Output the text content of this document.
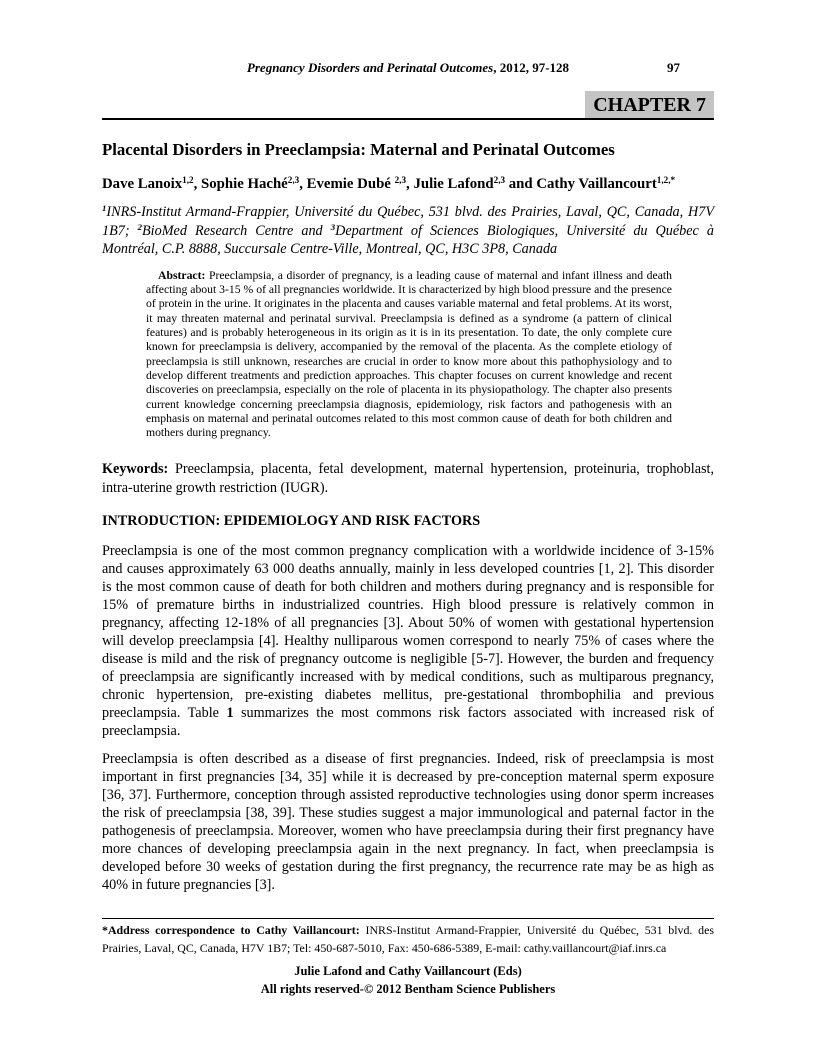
Pregnancy Disorders and Perinatal Outcomes, 2012, 97-128	97
CHAPTER 7
Placental Disorders in Preeclampsia: Maternal and Perinatal Outcomes

Dave Lanoix$^{1,2}$, Sophie Haché$^{2,3}$, Evemie Dubé $^{2,3}$, Julie Lafond$^{2,3}$ and Cathy Vaillancourt$^{1,2,*}$

$^1$INRS-Institut Armand-Frappier, Université du Québec, 531 blvd. des Prairies, Laval, QC, Canada, H7V 1B7; $^2$BioMed Research Centre and $^3$Department of Sciences Biologiques, Université du Québec à Montréal, C.P. 8888, Succursale Centre-Ville, Montreal, QC, H3C 3P8, Canada

Abstract: Preeclampsia, a disorder of pregnancy, is a leading cause of maternal and infant illness and death affecting about 3-15 % of all pregnancies worldwide. It is characterized by high blood pressure and the presence of protein in the urine. It originates in the placenta and causes variable maternal and fetal problems. At its worst, it may threaten maternal and perinatal survival. Preeclampsia is defined as a syndrome (a pattern of clinical features) and is probably heterogeneous in its origin as it is in its presentation. To date, the only complete cure known for preeclampsia is delivery, accompanied by the removal of the placenta. As the complete etiology of preeclampsia is still unknown, researches are crucial in order to know more about this pathophysiology and to develop different treatments and prediction approaches. This chapter focuses on current knowledge and recent discoveries on preeclampsia, especially on the role of placenta in its physiopathology. The chapter also presents current knowledge concerning preeclampsia diagnosis, epidemiology, risk factors and pathogenesis with an emphasis on maternal and perinatal outcomes related to this most common cause of death for both children and mothers during pregnancy.

Keywords: Preeclampsia, placenta, fetal development, maternal hypertension, proteinuria, trophoblast, intra-uterine growth restriction (IUGR).

INTRODUCTION: EPIDEMIOLOGY AND RISK FACTORS

Preeclampsia is one of the most common pregnancy complication with a worldwide incidence of 3-15% and causes approximately 63 000 deaths annually, mainly in less developed countries [1, 2]. This disorder is the most common cause of death for both children and mothers during pregnancy and is responsible for 15% of premature births in industrialized countries. High blood pressure is relatively common in pregnancy, affecting 12-18% of all pregnancies [3]. About 50% of women with gestational hypertension will develop preeclampsia [4]. Healthy nulliparous women correspond to nearly 75% of cases where the disease is mild and the risk of pregnancy outcome is negligible [5-7]. However, the burden and frequency of preeclampsia are significantly increased with by medical conditions, such as multiparous pregnancy, chronic hypertension, pre-existing diabetes mellitus, pre-gestational thrombophilia and previous preeclampsia. Table 1 summarizes the most commons risk factors associated with increased risk of preeclampsia.

Preeclampsia is often described as a disease of first pregnancies. Indeed, risk of preeclampsia is most important in first pregnancies [34, 35] while it is decreased by pre-conception maternal sperm exposure [36, 37]. Furthermore, conception through assisted reproductive technologies using donor sperm increases the risk of preeclampsia [38, 39]. These studies suggest a major immunological and paternal factor in the pathogenesis of preeclampsia. Moreover, women who have preeclampsia during their first pregnancy have more chances of developing preeclampsia again in the next pregnancy. In fact, when preeclampsia is developed before 30 weeks of gestation during the first pregnancy, the recurrence rate may be as high as 40% in future pregnancies [3].

*Address correspondence to Cathy Vaillancourt: INRS-Institut Armand-Frappier, Université du Québec, 531 blvd. des Prairies, Laval, QC, Canada, H7V 1B7; Tel: 450-687-5010, Fax: 450-686-5389, E-mail: cathy.vaillancourt@iaf.inrs.ca
Julie Lafond and Cathy Vaillancourt (Eds)
All rights reserved-© 2012 Bentham Science Publishers
